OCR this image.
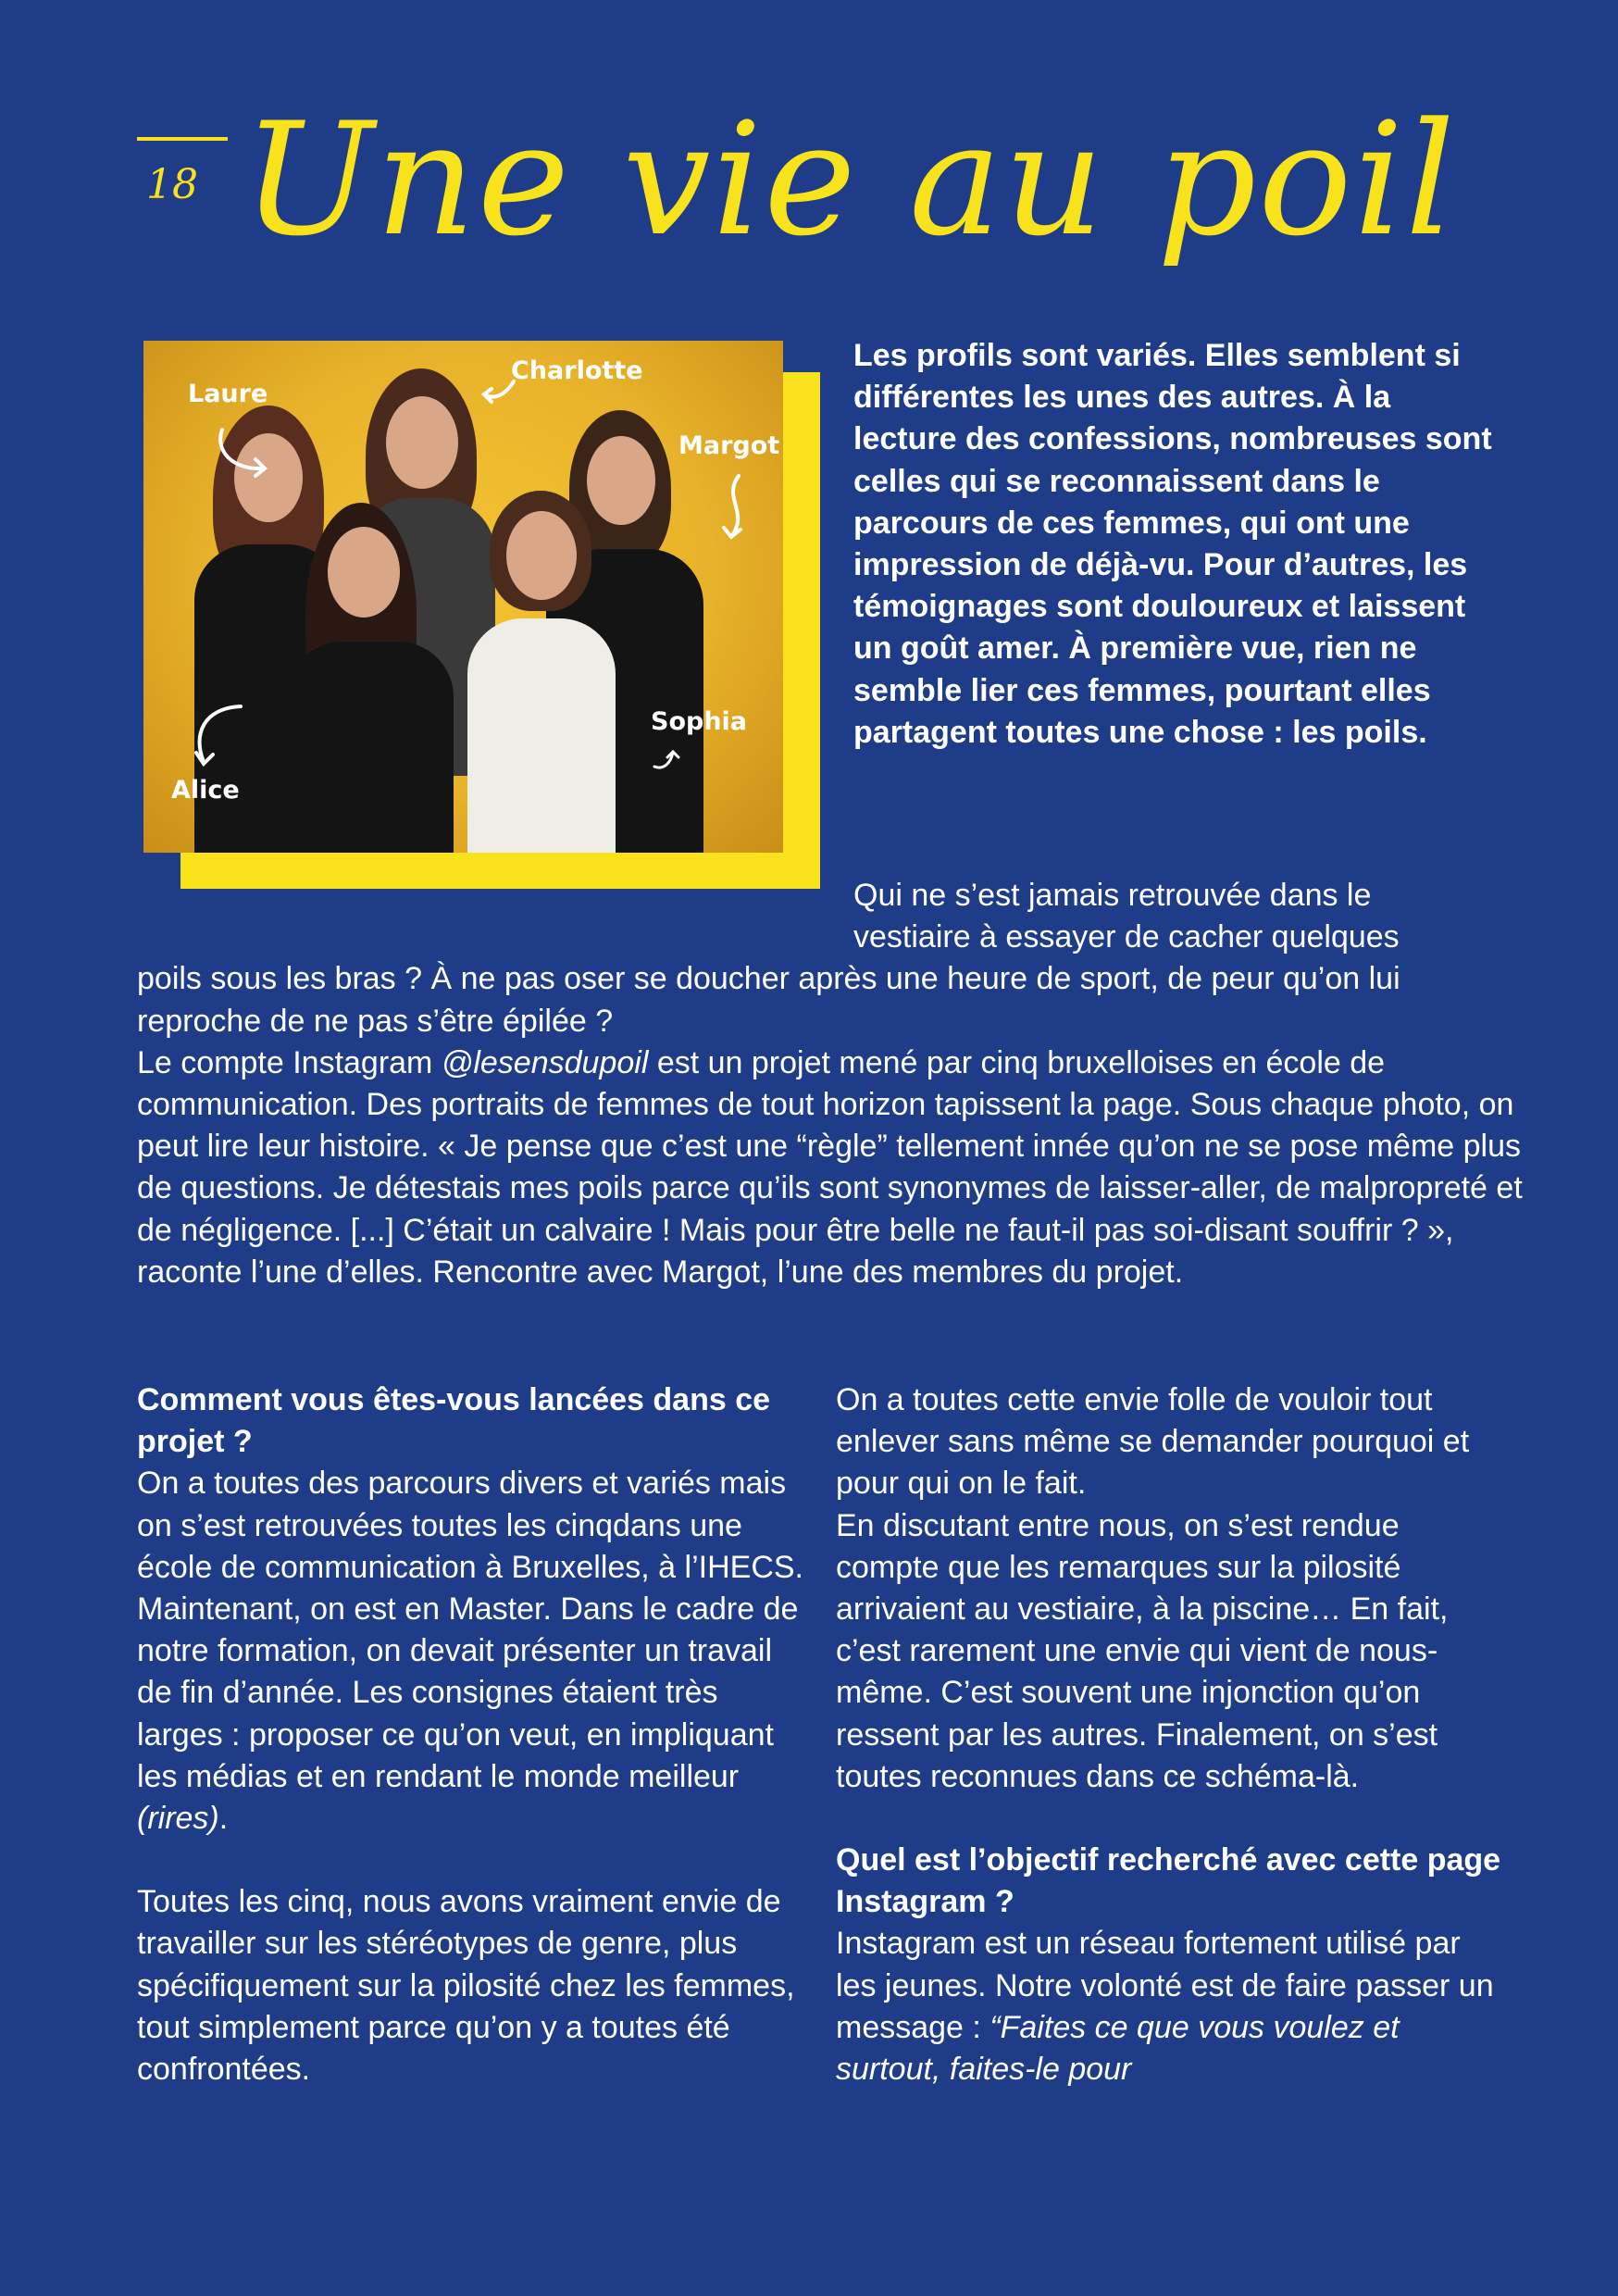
18 Une vie au poil
Laure
Charlotte
Margot
Sophia
Alice

Les profils sont variés. Elles semblent si différentes les unes des autres. À la lecture des confessions, nombreuses sont celles qui se reconnaissent dans le parcours de ces femmes, qui ont une impression de déjà-vu. Pour d’autres, les témoignages sont douloureux et laissent un goût amer. À première vue, rien ne semble lier ces femmes, pourtant elles partagent toutes une chose : les poils.

Qui ne s’est jamais retrouvée dans le
vestiaire à essayer de cacher quelques
poils sous les bras ? À ne pas oser se doucher après une heure de sport, de peur qu’on lui reproche de ne pas s’être épilée ?
Le compte Instagram @lesensdupoil est un projet mené par cinq bruxelloises en école de communication. Des portraits de femmes de tout horizon tapissent la page. Sous chaque photo, on peut lire leur histoire. « Je pense que c’est une “règle” tellement innée qu’on ne se pose même plus de questions. Je détestais mes poils parce qu’ils sont synonymes de laisser-aller, de malpropreté et de négligence. [...] C’était un calvaire ! Mais pour être belle ne faut-il pas soi-disant souffrir ? », raconte l’une d’elles. Rencontre avec Margot, l’une des membres du projet.

Comment vous êtes-vous lancées dans ce projet ?

On a toutes des parcours divers et variés mais on s’est retrouvées toutes les cinqdans une école de communication à Bruxelles, à l’IHECS. Maintenant, on est en Master. Dans le cadre de notre formation, on devait présenter un travail de fin d’année. Les consignes étaient très larges : proposer ce qu’on veut, en impliquant les médias et en rendant le monde meilleur (rires).

Toutes les cinq, nous avons vraiment envie de travailler sur les stéréotypes de genre, plus spécifiquement sur la pilosité chez les femmes, tout simplement parce qu’on y a toutes été confrontées.

On a toutes cette envie folle de vouloir tout enlever sans même se demander pourquoi et pour qui on le fait.

En discutant entre nous, on s’est rendue compte que les remarques sur la pilosité arrivaient au vestiaire, à la piscine… En fait, c’est rarement une envie qui vient de nous-même. C’est souvent une injonction qu’on ressent par les autres. Finalement, on s’est toutes reconnues dans ce schéma-là.

Quel est l’objectif recherché avec cette page Instagram ?

Instagram est un réseau fortement utilisé par les jeunes. Notre volonté est de faire passer un message : “Faites ce que vous voulez et surtout, faites-le pour
